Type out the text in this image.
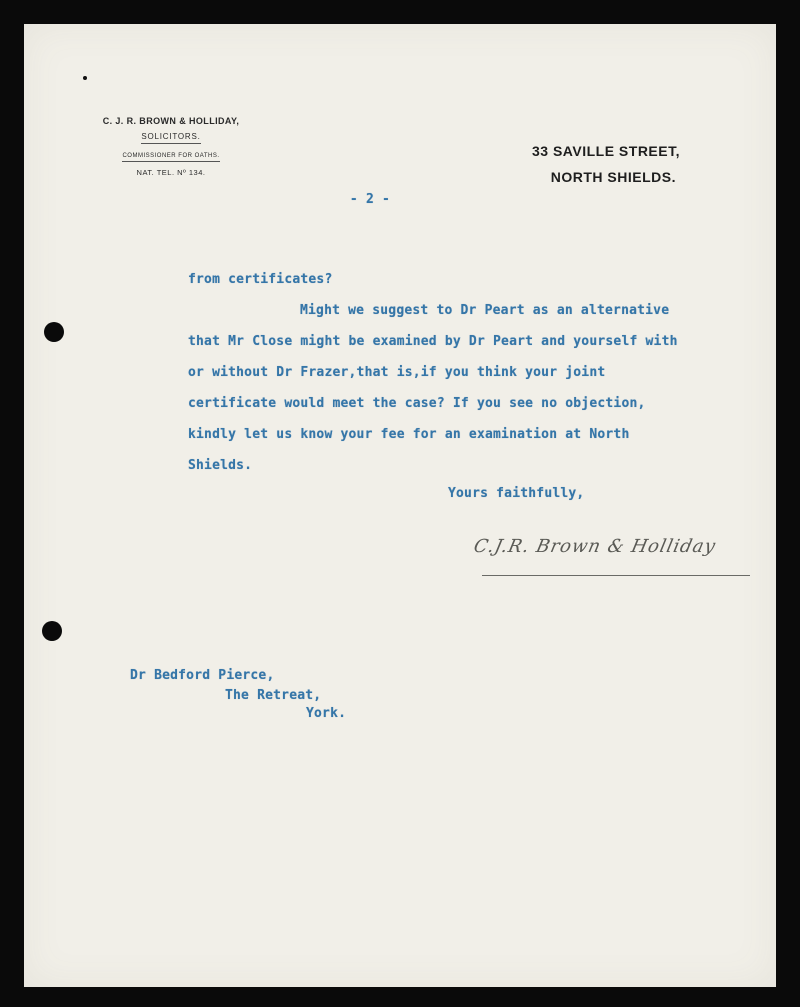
C. J. R. BROWN & HOLLIDAY,
SOLICITORS.
COMMISSIONER FOR OATHS.
NAT. TEL. Nº 134.
33 SAVILLE STREET,
NORTH SHIELDS.
- 2 -
from certificates?
Might we suggest to Dr Peart as an alternative
that Mr Close might be examined by Dr Peart and yourself with
or without Dr Frazer,that is,if you think your joint
certificate would meet the case? If you see no objection,
kindly let us know your fee for an examination at North
Shields.
Yours faithfully,
C.J.R. Brown & Holliday
Dr Bedford Pierce,
The Retreat,
York.
